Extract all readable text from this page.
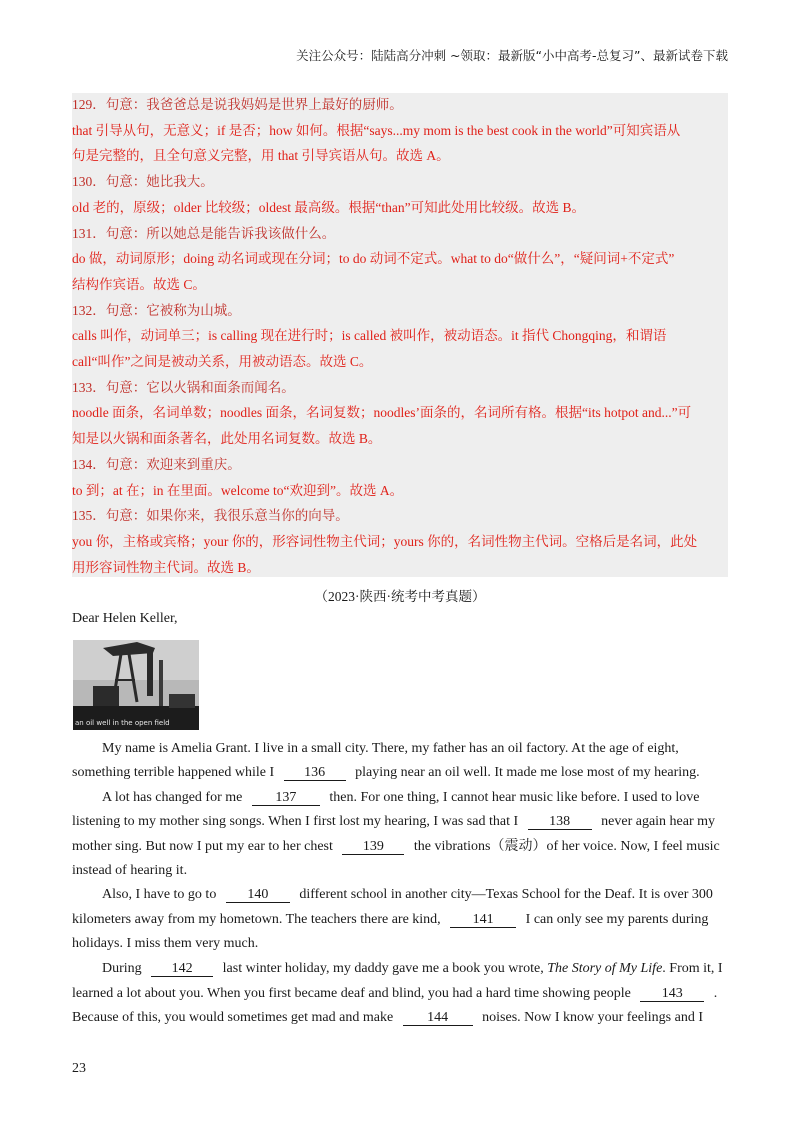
关注公众号：陆陆高分冲刺 ~领取：最新版“小中高考-总复习”、最新试卷下载
129．句意：我爸爸总是说我妈妈是世界上最好的厨师。
that 引导从句，无意义；if 是否；how 如何。根据“says...my mom is the best cook in the world”可知宾语从
句是完整的，且全句意义完整，用 that 引导宾语从句。故选 A。
130．句意：她比我大。
old 老的，原级；older 比较级；oldest 最高级。根据“than”可知此处用比较级。故选 B。
131．句意：所以她总是能告诉我该做什么。
do 做，动词原形；doing 动名词或现在分词；to do 动词不定式。what to do“做什么”，“疑问词+不定式”
结构作宾语。故选 C。
132．句意：它被称为山城。
calls 叫作，动词单三；is calling 现在进行时；is called 被叫作，被动语态。it 指代 Chongqing，和谓语
call“叫作”之间是被动关系，用被动语态。故选 C。
133．句意：它以火锅和面条而闻名。
noodle 面条，名词单数；noodles 面条，名词复数；noodles’面条的，名词所有格。根据“its hotpot and...”可
知是以火锅和面条著名，此处用名词复数。故选 B。
134．句意：欢迎来到重庆。
to 到；at 在；in 在里面。welcome to“欢迎到”。故选 A。
135．句意：如果你来，我很乐意当你的向导。
you 你，主格或宾格；your 你的，形容词性物主代词；yours 你的，名词性物主代词。空格后是名词，此处
用形容词性物主代词。故选 B。
（2023·陕西·统考中考真题）
Dear Helen Keller,
an oil well in the open field
My name is Amelia Grant. I live in a small city. There, my father has an oil factory. At the age of eight,
something terrible happened while I 136 playing near an oil well. It made me lose most of my hearing.
A lot has changed for me 137 then. For one thing, I cannot hear music like before. I used to love
listening to my mother sing songs. When I first lost my hearing, I was sad that I 138 never again hear my
mother sing. But now I put my ear to her chest 139 the vibrations（震动）of her voice. Now, I feel music
instead of hearing it.
Also, I have to go to 140 different school in another city—Texas School for the Deaf. It is over 300
kilometers away from my hometown. The teachers there are kind, 141 I can only see my parents during
holidays. I miss them very much.
During 142 last winter holiday, my daddy gave me a book you wrote, The Story of My Life. From it, I
learned a lot about you. When you first became deaf and blind, you had a hard time showing people 143 .
Because of this, you would sometimes get mad and make 144 noises. Now I know your feelings and I
23
